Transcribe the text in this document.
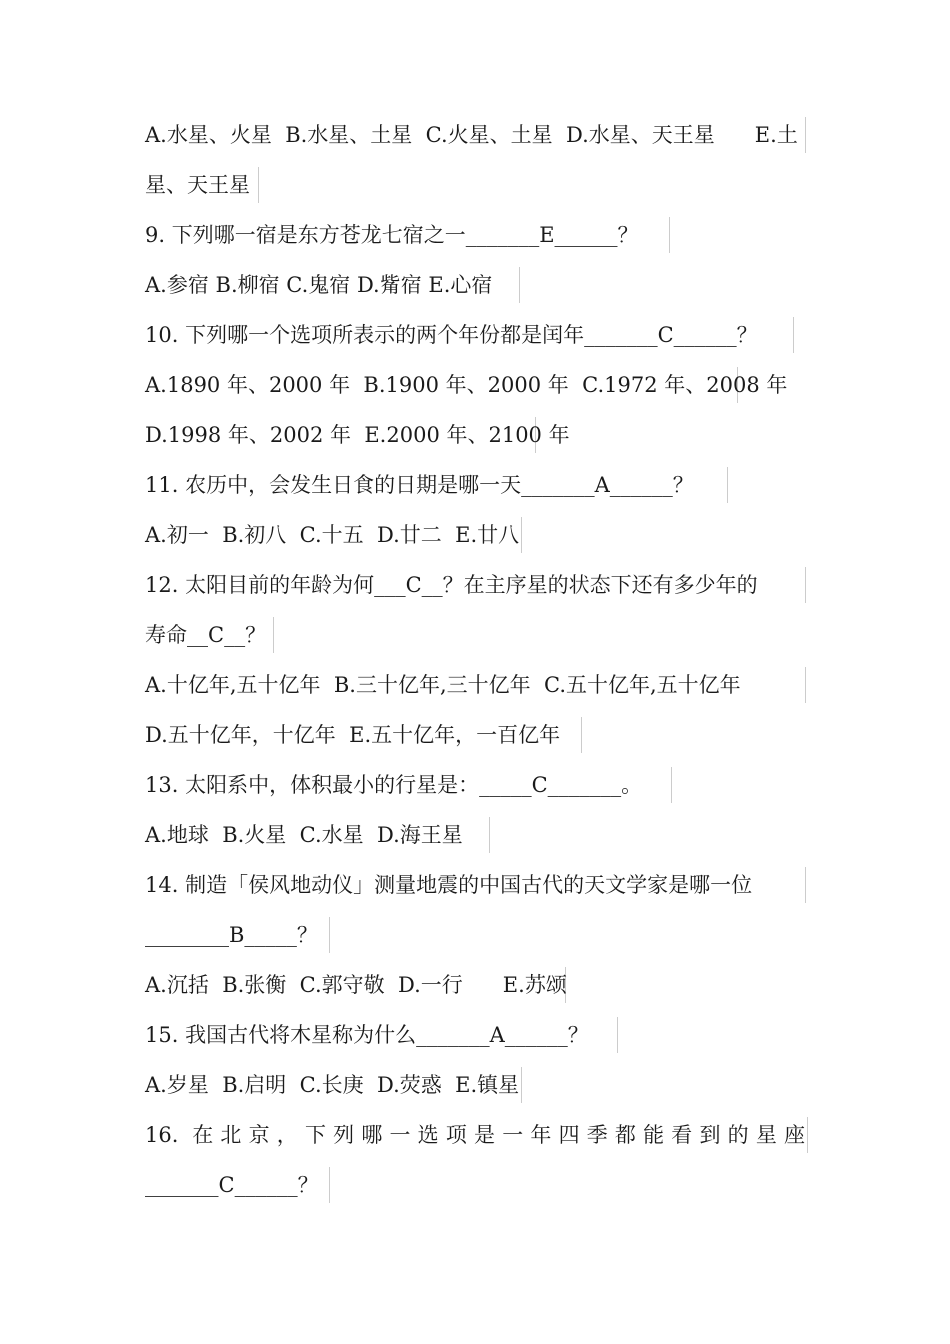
A.水星、火星  B.水星、土星  C.火星、土星  D.水星、天王星      E.土
星、天王星
9. 下列哪一宿是东方苍龙七宿之一_______E______？
A.参宿 B.柳宿 C.鬼宿 D.觜宿 E.心宿
10. 下列哪一个选项所表示的两个年份都是闰年_______C______？
A.1890 年、2000 年  B.1900 年、2000 年  C.1972 年、2008 年
D.1998 年、2002 年  E.2000 年、2100 年
11. 农历中，会发生日食的日期是哪一天_______A______？
A.初一  B.初八  C.十五  D.廿二  E.廿八
12. 太阳目前的年龄为何___C__？在主序星的状态下还有多少年的
寿命__C__？
A.十亿年,五十亿年  B.三十亿年,三十亿年  C.五十亿年,五十亿年
D.五十亿年，十亿年  E.五十亿年，一百亿年
13. 太阳系中，体积最小的行星是：_____C_______。
A.地球  B.火星  C.水星  D.海王星
14. 制造「侯风地动仪」测量地震的中国古代的天文学家是哪一位
________B_____？
A.沉括  B.张衡  C.郭守敬  D.一行      E.苏颂
15. 我国古代将木星称为什么_______A______？
A.岁星  B.启明  C.长庚  D.荧惑  E.镇星
16. 在北京，下列哪一选项是一年四季都能看到的星座
_______C______？
